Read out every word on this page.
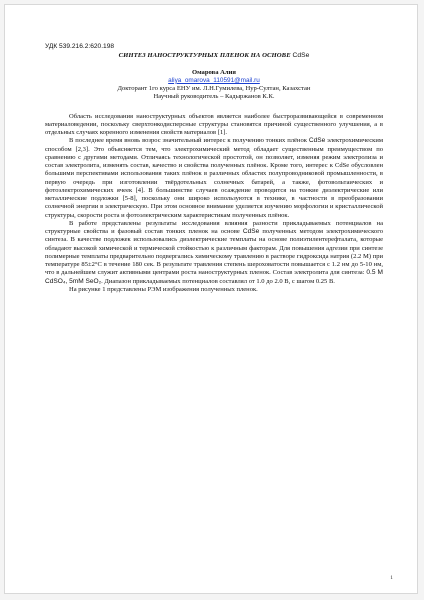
УДК 539.216.2:620.198
СИНТЕЗ НАНОСТРУКТУРНЫХ ПЛЕНОК НА ОСНОВЕ CdSe
Омарова Алия
aliya_omarova_110591@mail.ru
Докторант 1го курса ЕНУ им. Л.Н.Гумилева, Нур-Султан, Казахстан
Научный руководитель – Кадыржанов К.К.

Область исследования наноструктурных объектов является наиболее быстроразвивающейся в современном материаловедении, поскольку сверхтонкодисперсные структуры становятся причиной существенного улучшения, а в отдельных случаях коренного изменения свойств материалов [1].

В последнее время вновь возрос значительный интерес к получению тонких плёнок CdSe электрохимическим способом [2,3]. Это объясняется тем, что электрохимический метод обладает существенным преимуществом по сравнению с другими методами. Отличаясь технологической простотой, он позволяет, изменяя режим электролиза и состав электролита, изменять состав, качество и свойства полученных плёнок. Кроме того, интерес к CdSe обусловлен большими перспективами использования таких плёнок в различных областях полупроводниковой промышленности, в первую очередь при изготовлении твёрдотельных солнечных батарей, а также, фотовольтаических и фотоэлектрохимических ячеек [4]. В большинстве случаев осаждение проводится на тонкие диэлектрические или металлические подложки [5-8], поскольку они широко используются в технике, в частности в преобразовании солнечной энергии в электрическую. При этом основное внимание уделяется изучению морфологии и кристаллической структуры, скорости роста и фотоэлектрическим характеристикам полученных плёнок.

В работе представлены результаты исследования влияния разности прикладываемых потенциалов на структурные свойства и фазовый состав тонких пленок на основе CdSe полученных методом электрохимического синтеза. В качестве подложек использовались диэлектрические темплаты на основе полиэтилентерефталата, которые обладают высокой химической и термической стойкостью к различным факторам. Для повышения адгезии при синтезе полимерные темплаты предварительно подвергались химическому травлению в растворе гидроксида натрия (2.2 М) при температуре 85±2°С в течение 180 сек. В результате травления степень шероховатости повышается с 1.2 нм до 5-10 нм, что в дальнейшем служит активными центрами роста наноструктурных пленок. Состав электролита для синтеза: 0.5 M CdSO₄, 5mM SeO₂. Диапазон прикладываемых потенциалов составлял от 1.0 до 2.0 В, с шагом 0.25 В.

На рисунке 1 представлены РЭМ изображения полученных пленок.

1
